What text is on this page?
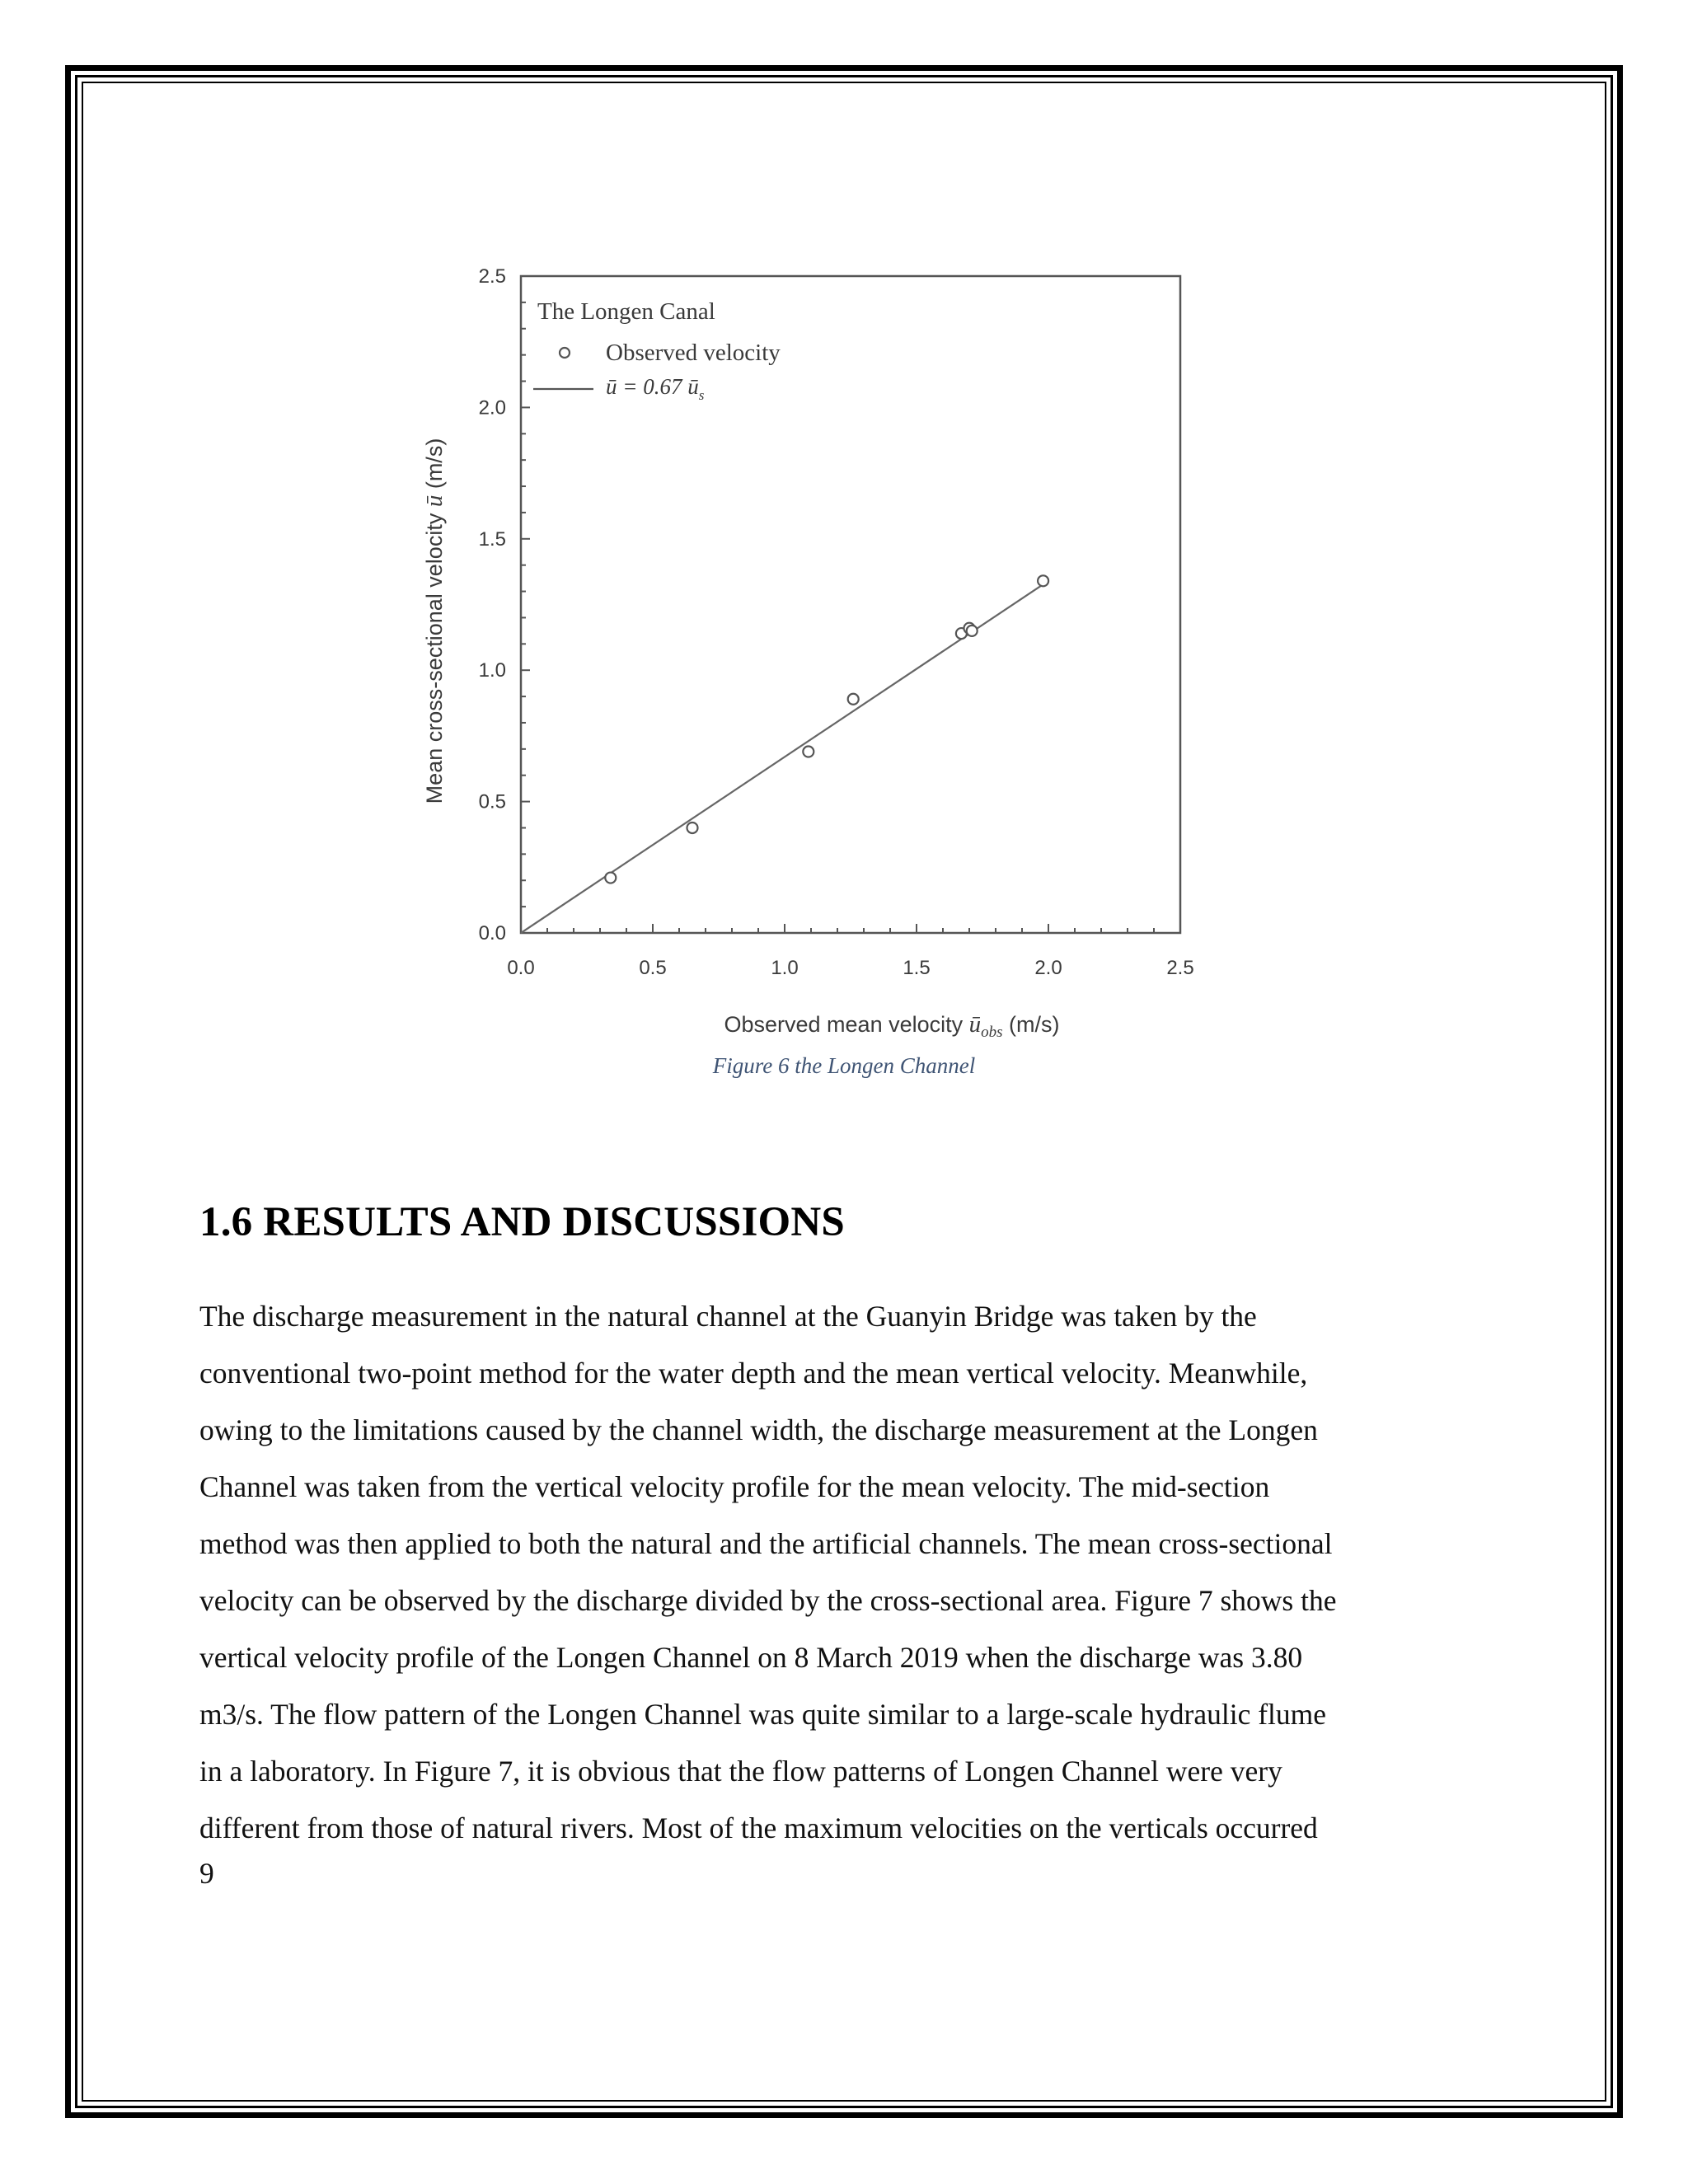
0.0	0.5	1.0	1.5	2.0	2.5
0.0
0.5
1.0
1.5
2.0
2.5
The Longen Canal
Observed velocity
ū = 0.67 $ū_s$
Observed mean velocity $ū_{obs}$ (m/s)
Mean cross-sectional velocity ū (m/s)
Figure 6 the Longen Channel
1.6 RESULTS AND DISCUSSIONS
The discharge measurement in the natural channel at the Guanyin Bridge was taken by the
conventional two-point method for the water depth and the mean vertical velocity. Meanwhile,
owing to the limitations caused by the channel width, the discharge measurement at the Longen
Channel was taken from the vertical velocity profile for the mean velocity. The mid-section
method was then applied to both the natural and the artificial channels. The mean cross-sectional
velocity can be observed by the discharge divided by the cross-sectional area. Figure 7 shows the
vertical velocity profile of the Longen Channel on 8 March 2019 when the discharge was 3.80
m3/s. The flow pattern of the Longen Channel was quite similar to a large-scale hydraulic flume
in a laboratory. In Figure 7, it is obvious that the flow patterns of Longen Channel were very
different from those of natural rivers. Most of the maximum velocities on the verticals occurred
9
